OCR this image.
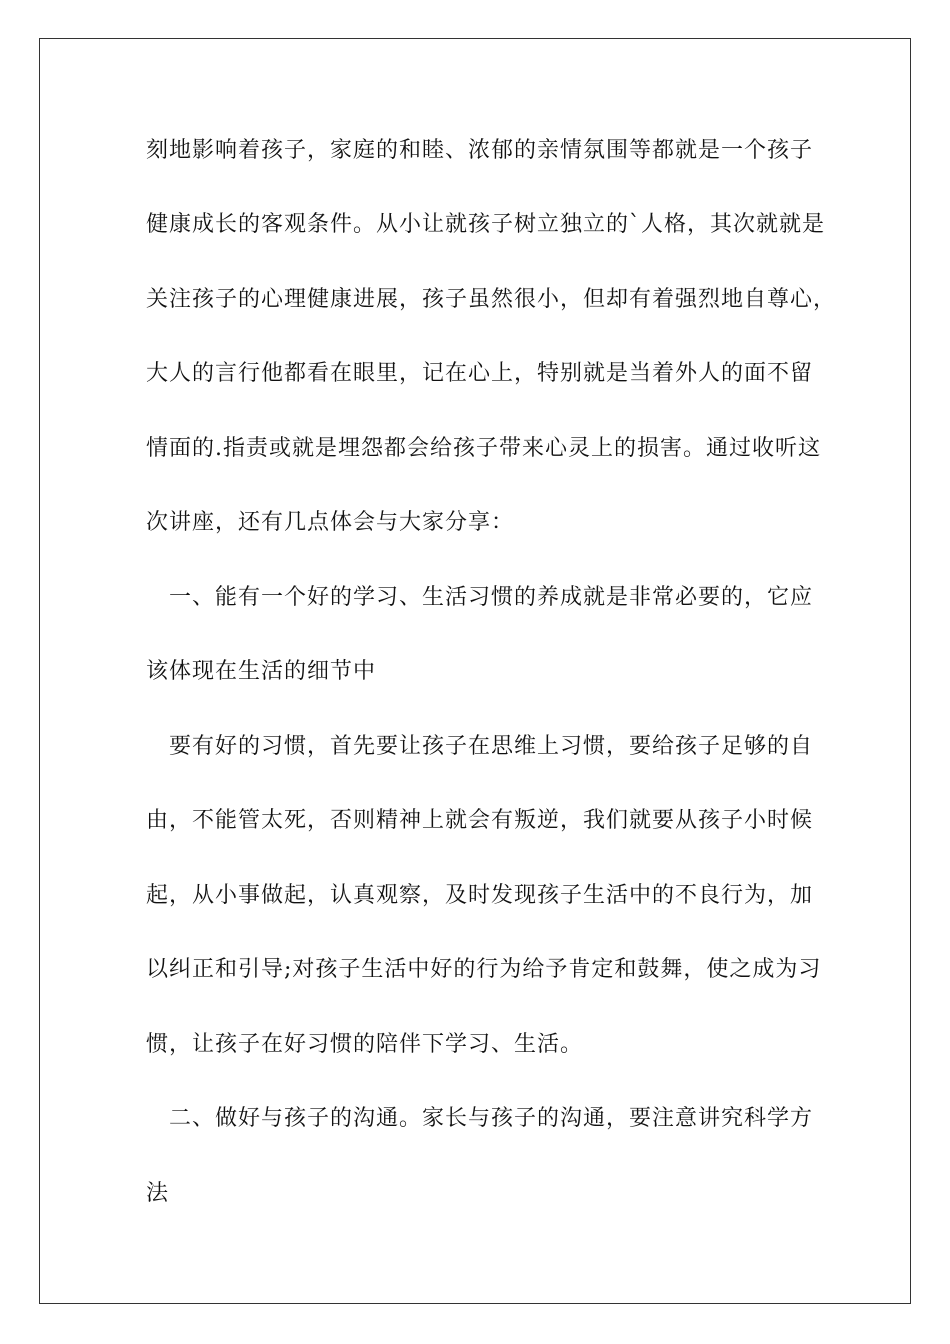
刻地影响着孩子，家庭的和睦、浓郁的亲情氛围等都就是一个孩子
健康成长的客观条件。从小让就孩子树立独立的`人格，其次就就是
关注孩子的心理健康进展，孩子虽然很小，但却有着强烈地自尊心，
大人的言行他都看在眼里，记在心上，特别就是当着外人的面不留
情面的.指责或就是埋怨都会给孩子带来心灵上的损害。通过收听这
次讲座，还有几点体会与大家分享：
　一、能有一个好的学习、生活习惯的养成就是非常必要的，它应
该体现在生活的细节中
　要有好的习惯，首先要让孩子在思维上习惯，要给孩子足够的自
由，不能管太死，否则精神上就会有叛逆，我们就要从孩子小时候
起，从小事做起，认真观察，及时发现孩子生活中的不良行为，加
以纠正和引导;对孩子生活中好的行为给予肯定和鼓舞，使之成为习
惯，让孩子在好习惯的陪伴下学习、生活。
　二、做好与孩子的沟通。家长与孩子的沟通，要注意讲究科学方
法
